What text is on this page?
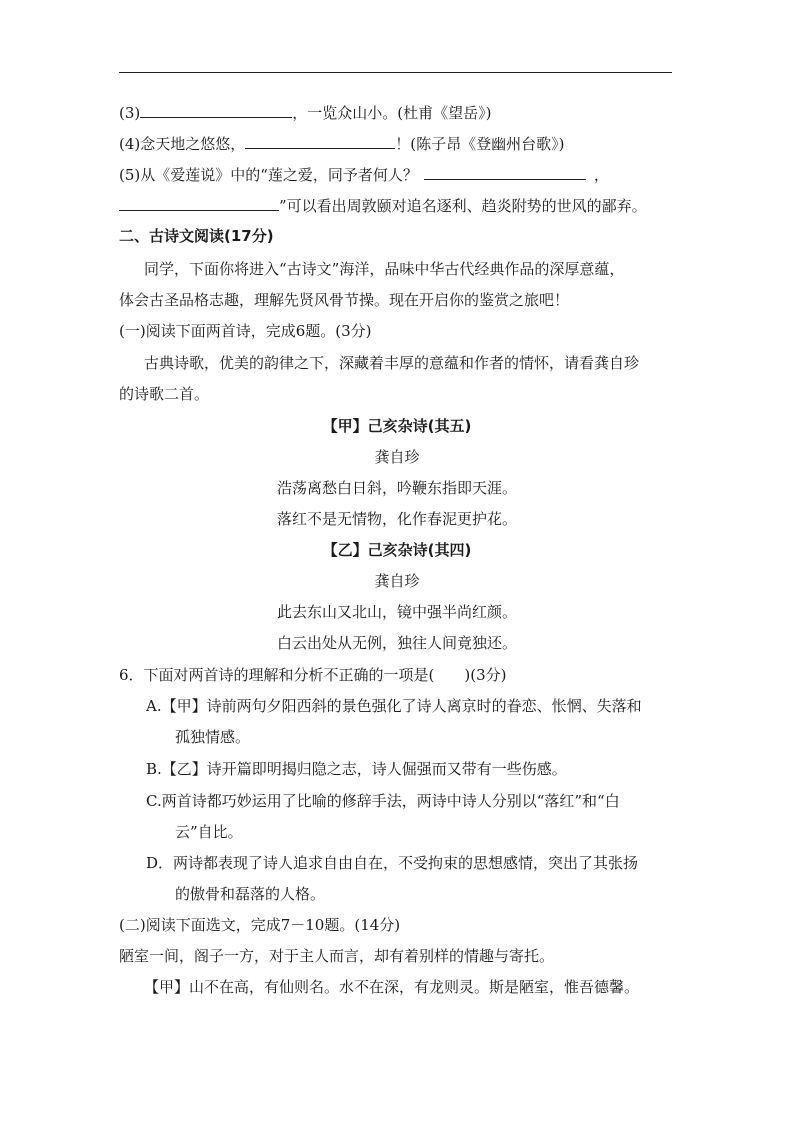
(3)	，一览众山小。(杜甫《望岳》)
(4)念天地之悠悠，	！(陈子昂《登幽州台歌》)
(5)从《爱莲说》中的“莲之爱，同予者何人？	，
”可以看出周敦颐对追名逐利、趋炎附势的世风的鄙弃。
二、古诗文阅读(17分)
同学，下面你将进入“古诗文”海洋，品味中华古代经典作品的深厚意蕴，
体会古圣品格志趣，理解先贤风骨节操。现在开启你的鉴赏之旅吧！
(一)阅读下面两首诗，完成6题。(3分)
古典诗歌，优美的韵律之下，深藏着丰厚的意蕴和作者的情怀，请看龚自珍
的诗歌二首。
【甲】己亥杂诗(其五)
龚自珍
浩荡离愁白日斜，吟鞭东指即天涯。
落红不是无情物，化作春泥更护花。
【乙】己亥杂诗(其四)
龚自珍
此去东山又北山，镜中强半尚红颜。
白云出处从无例，独往人间竟独还。
6．下面对两首诗的理解和分析不正确的一项是( )(3分)
A.【甲】诗前两句夕阳西斜的景色强化了诗人离京时的眷恋、怅惘、失落和
孤独情感。
B.【乙】诗开篇即明揭归隐之志，诗人倔强而又带有一些伤感。
C.两首诗都巧妙运用了比喻的修辞手法，两诗中诗人分别以“落红”和“白
云”自比。
D．两诗都表现了诗人追求自由自在，不受拘束的思想感情，突出了其张扬
的傲骨和磊落的人格。
(二)阅读下面选文，完成7－10题。(14分)
陋室一间，阁子一方，对于主人而言，却有着别样的情趣与寄托。
【甲】山不在高，有仙则名。水不在深，有龙则灵。斯是陋室，惟吾德馨。
